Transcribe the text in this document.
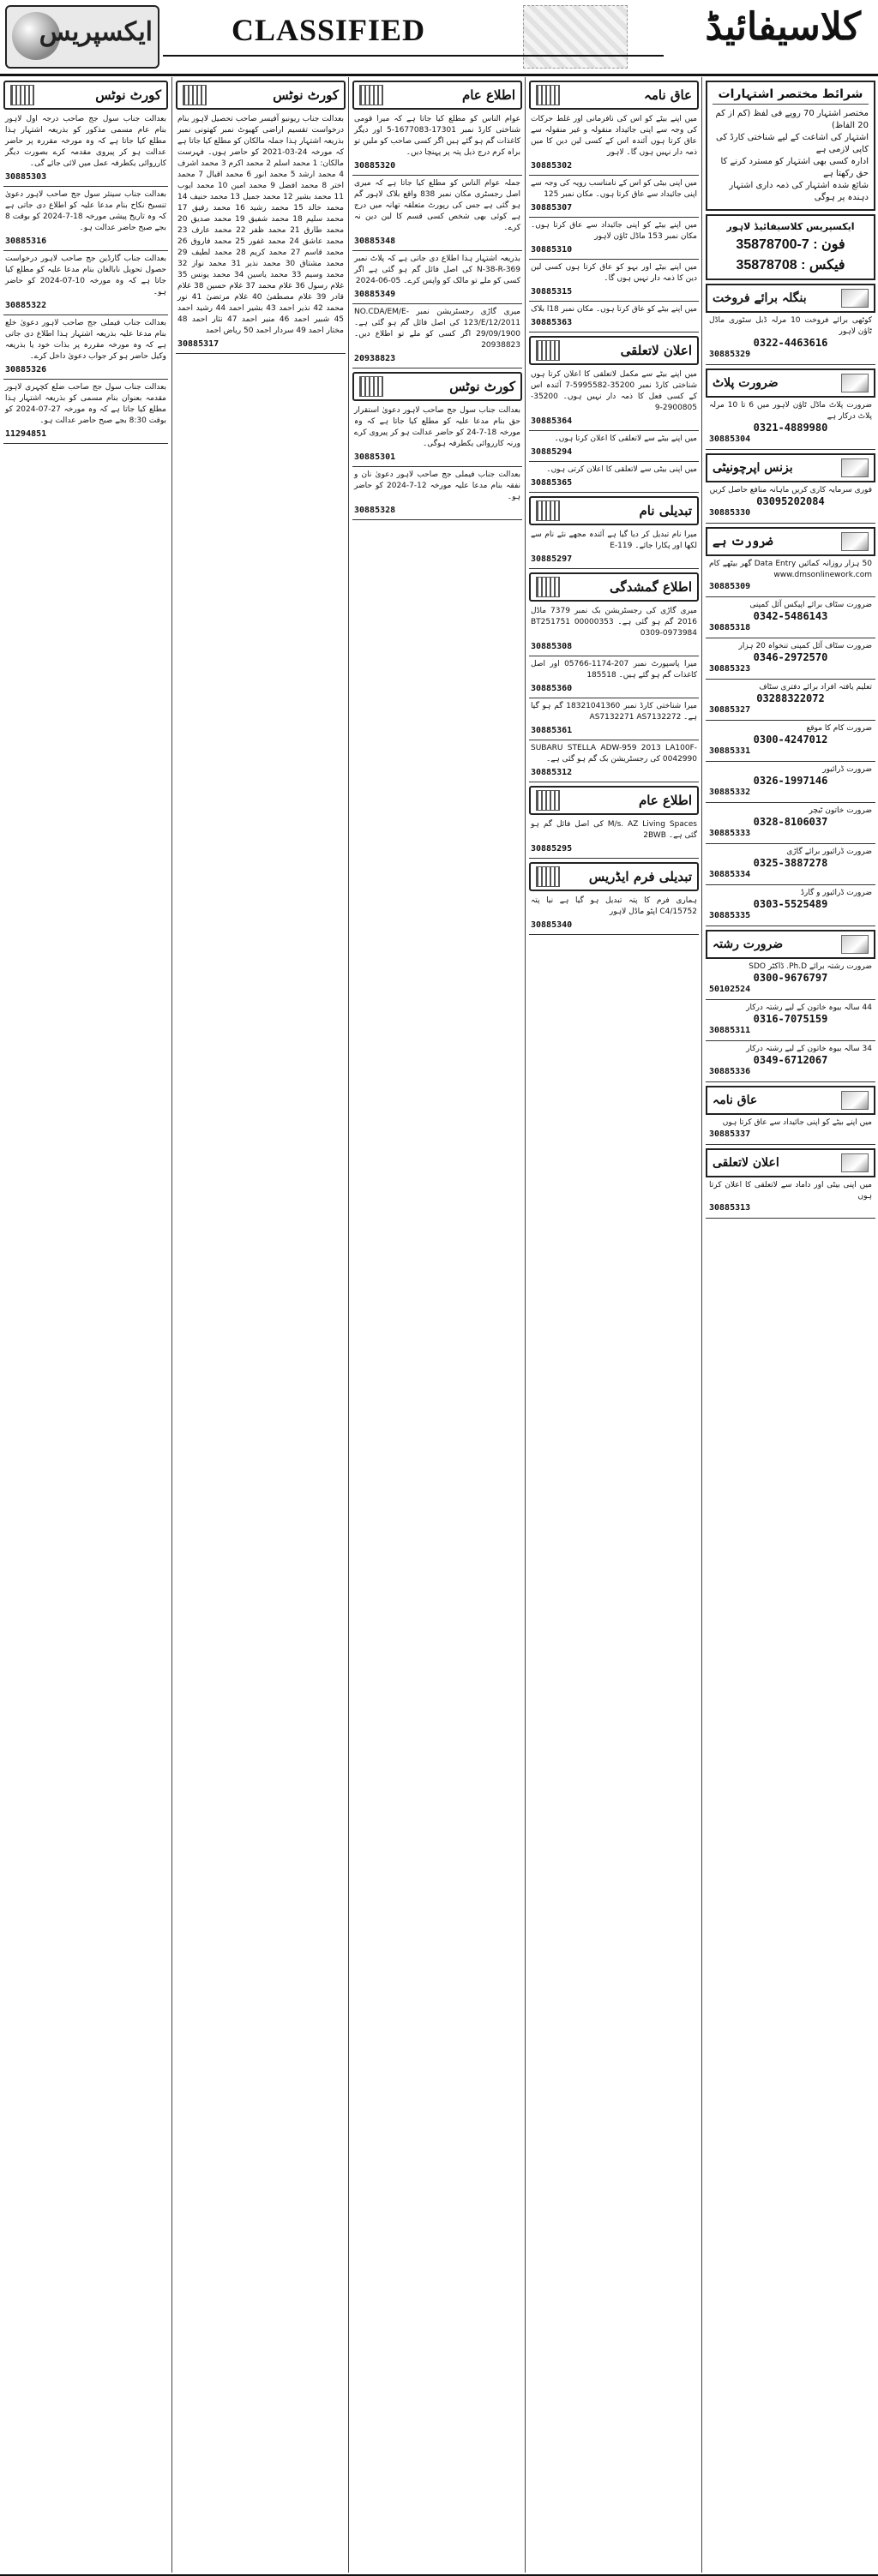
ایکسپریس	CLASSIFIED	کلاسیفائیڈ
کورٹ نوٹس
بعدالت جناب سول جج صاحب درجہ اول لاہور بنام عام مسمی مذکور کو بذریعہ اشتہار ہذا مطلع کیا جاتا ہے کہ وہ مورخہ مقررہ پر حاضر عدالت ہو کر پیروی مقدمہ کرے بصورت دیگر کارروائی یکطرفہ عمل میں لائی جائے گی۔
30885303
بعدالت جناب سینئر سول جج صاحب لاہور دعویٰ تنسیخ نکاح بنام مدعا علیہ کو اطلاع دی جاتی ہے کہ وہ تاریخ پیشی مورخہ 18-7-2024 کو بوقت 8 بجے صبح حاضر عدالت ہو۔
30885316
بعدالت جناب گارڈین جج صاحب لاہور درخواست حصول تحویل نابالغان بنام مدعا علیہ کو مطلع کیا جاتا ہے کہ وہ مورخہ 10-07-2024 کو حاضر ہو۔
30885322
بعدالت جناب فیملی جج صاحب لاہور دعویٰ خلع بنام مدعا علیہ بذریعہ اشتہار ہذا اطلاع دی جاتی ہے کہ وہ مورخہ مقررہ پر بذات خود یا بذریعہ وکیل حاضر ہو کر جواب دعویٰ داخل کرے۔
30885326
بعدالت جناب سول جج صاحب ضلع کچہری لاہور مقدمہ بعنوان بنام مسمی کو بذریعہ اشتہار ہذا مطلع کیا جاتا ہے کہ وہ مورخہ 27-07-2024 کو بوقت 8:30 بجے صبح حاضر عدالت ہو۔
11294851
کورٹ نوٹس
بعدالت جناب ریونیو آفیسر صاحب تحصیل لاہور بنام درخواست تقسیم اراضی کھیوٹ نمبر کھتونی نمبر بذریعہ اشتہار ہذا جملہ مالکان کو مطلع کیا جاتا ہے کہ مورخہ 24-03-2021 کو حاضر ہوں۔ فہرست مالکان: 1 محمد اسلم 2 محمد اکرم 3 محمد اشرف 4 محمد ارشد 5 محمد انور 6 محمد اقبال 7 محمد اختر 8 محمد افضل 9 محمد امین 10 محمد ایوب 11 محمد بشیر 12 محمد جمیل 13 محمد حنیف 14 محمد خالد 15 محمد رشید 16 محمد رفیق 17 محمد سلیم 18 محمد شفیق 19 محمد صدیق 20 محمد طارق 21 محمد ظفر 22 محمد عارف 23 محمد عاشق 24 محمد غفور 25 محمد فاروق 26 محمد قاسم 27 محمد کریم 28 محمد لطیف 29 محمد مشتاق 30 محمد نذیر 31 محمد نواز 32 محمد وسیم 33 محمد یاسین 34 محمد یونس 35 غلام رسول 36 غلام محمد 37 غلام حسین 38 غلام قادر 39 غلام مصطفیٰ 40 غلام مرتضیٰ 41 نور محمد 42 نذیر احمد 43 بشیر احمد 44 رشید احمد 45 شبیر احمد 46 منیر احمد 47 نثار احمد 48 مختار احمد 49 سردار احمد 50 ریاض احمد
30885317
اطلاع عام
عوام الناس کو مطلع کیا جاتا ہے کہ میرا قومی شناختی کارڈ نمبر 17301-1677083-5 اور دیگر کاغذات گم ہو گئے ہیں اگر کسی صاحب کو ملیں تو براہ کرم درج ذیل پتہ پر پہنچا دیں۔
30885320
جملہ عوام الناس کو مطلع کیا جاتا ہے کہ میری اصل رجسٹری مکان نمبر 838 واقع بلاک لاہور گم ہو گئی ہے جس کی رپورٹ متعلقہ تھانہ میں درج ہے کوئی بھی شخص کسی قسم کا لین دین نہ کرے۔
30885348
بذریعہ اشتہار ہذا اطلاع دی جاتی ہے کہ پلاٹ نمبر N-38-R-369 کی اصل فائل گم ہو گئی ہے اگر کسی کو ملے تو مالک کو واپس کرے۔ 05-06-2024
30885349
میری گاڑی رجسٹریشن نمبر NO.CDA/EM/E-123/E/12/2011 کی اصل فائل گم ہو گئی ہے۔ 29/09/1900 اگر کسی کو ملے تو اطلاع دیں۔ 20938823
20938823
کورٹ نوٹس
بعدالت جناب سول جج صاحب لاہور دعویٰ استقرار حق بنام مدعا علیہ کو مطلع کیا جاتا ہے کہ وہ مورخہ 18-7-24 کو حاضر عدالت ہو کر پیروی کرے ورنہ کارروائی یکطرفہ ہوگی۔
30885301
بعدالت جناب فیملی جج صاحب لاہور دعویٰ نان و نفقہ بنام مدعا علیہ مورخہ 12-7-2024 کو حاضر ہو۔
30885328
عاق نامہ
میں اپنے بیٹے کو اس کی نافرمانی اور غلط حرکات کی وجہ سے اپنی جائیداد منقولہ و غیر منقولہ سے عاق کرتا ہوں آئندہ اس کے کسی لین دین کا میں ذمہ دار نہیں ہوں گا۔ لاہور
30885302
میں اپنی بیٹی کو اس کے نامناسب رویہ کی وجہ سے اپنی جائیداد سے عاق کرتا ہوں۔ مکان نمبر 125
30885307
میں اپنے بیٹے کو اپنی جائیداد سے عاق کرتا ہوں۔ مکان نمبر 153 ماڈل ٹاؤن لاہور
30885310
میں اپنے بیٹے اور بہو کو عاق کرتا ہوں کسی لین دین کا ذمہ دار نہیں ہوں گا۔
30885315
میں اپنے بیٹے کو عاق کرتا ہوں۔ مکان نمبر 18ا بلاک
30885363
اعلان لاتعلقی
میں اپنے بیٹے سے مکمل لاتعلقی کا اعلان کرتا ہوں شناختی کارڈ نمبر 35200-5995582-7 آئندہ اس کے کسی فعل کا ذمہ دار نہیں ہوں۔ 35200-2900805-9
30885364
میں اپنے بیٹے سے لاتعلقی کا اعلان کرتا ہوں۔
30885294
میں اپنی بیٹی سے لاتعلقی کا اعلان کرتی ہوں۔
30885365
تبدیلی نام
میرا نام تبدیل کر دیا گیا ہے آئندہ مجھے نئے نام سے لکھا اور پکارا جائے۔ E-119
30885297
اطلاع گمشدگی
میری گاڑی کی رجسٹریشن بک نمبر 7379 ماڈل 2016 گم ہو گئی ہے۔ 00000353 BT251751 0309-0973984
30885308
میرا پاسپورٹ نمبر 207-1174-05766 اور اصل کاغذات گم ہو گئے ہیں۔ 185518
30885360
میرا شناختی کارڈ نمبر 18321041360 گم ہو گیا ہے۔ AS7132271 AS7132272
30885361
SUBARU STELLA ADW-959 2013 LA100F-0042990 کی رجسٹریشن بک گم ہو گئی ہے۔
30885312
اطلاع عام
M/s. AZ Living Spaces کی اصل فائل گم ہو گئی ہے۔ 2BWB
30885295
تبدیلی فرم ایڈریس
ہماری فرم کا پتہ تبدیل ہو گیا ہے نیا پتہ C4/15752 اپٹو ماڈل لاہور
30885340
شرائط مختصر اشتہارات
مختصر اشتہار 70 روپے فی لفظ (کم از کم 20 الفاظ)
اشتہار کی اشاعت کے لیے شناختی کارڈ کی کاپی لازمی ہے
ادارہ کسی بھی اشتہار کو مسترد کرنے کا حق رکھتا ہے
شائع شدہ اشتہار کی ذمہ داری اشتہار دہندہ پر ہوگی
ایکسپریس کلاسیفائیڈ لاہور
35878700-7 : فون
35878708 : فیکس
بنگلہ برائے فروخت
کوٹھی برائے فروخت 10 مرلہ ڈبل سٹوری ماڈل ٹاؤن لاہور
0322-4463616
30885329
ضرورت پلاٹ
ضرورت پلاٹ ماڈل ٹاؤن لاہور میں 6 تا 10 مرلہ پلاٹ درکار ہے
0321-4889980
30885304
بزنس اپرچونیٹی
فوری سرمایہ کاری کریں ماہانہ منافع حاصل کریں
03095202084
30885330
ضرورت ہے
50 ہزار روزانہ کمائیں Data Entry گھر بیٹھے کام www.dmsonlinework.com
30885309
ضرورت سٹاف برائے اپیکس آئل کمپنی
0342-5486143
30885318
ضرورت سٹاف آئل کمپنی تنخواہ 20 ہزار
0346-2972570
30885323
تعلیم یافتہ افراد برائے دفتری سٹاف
03288322072
30885327
ضرورت کام کا موقع
0300-4247012
30885331
ضرورت ڈرائیور
0326-1997146
30885332
ضرورت خاتون ٹیچر
0328-8106037
30885333
ضرورت ڈرائیور برائے گاڑی
0325-3887278
30885334
ضرورت ڈرائیور و گارڈ
0303-5525489
30885335
ضرورت رشتہ
ضرورت رشتہ برائے Ph.D. ڈاکٹر SDO
0300-9676797
50102524
44 سالہ بیوہ خاتون کے لیے رشتہ درکار
0316-7075159
30885311
34 سالہ بیوہ خاتون کے لیے رشتہ درکار
0349-6712067
30885336
عاق نامہ
میں اپنے بیٹے کو اپنی جائیداد سے عاق کرتا ہوں
30885337
اعلان لاتعلقی
میں اپنی بیٹی اور داماد سے لاتعلقی کا اعلان کرتا ہوں
30885313
